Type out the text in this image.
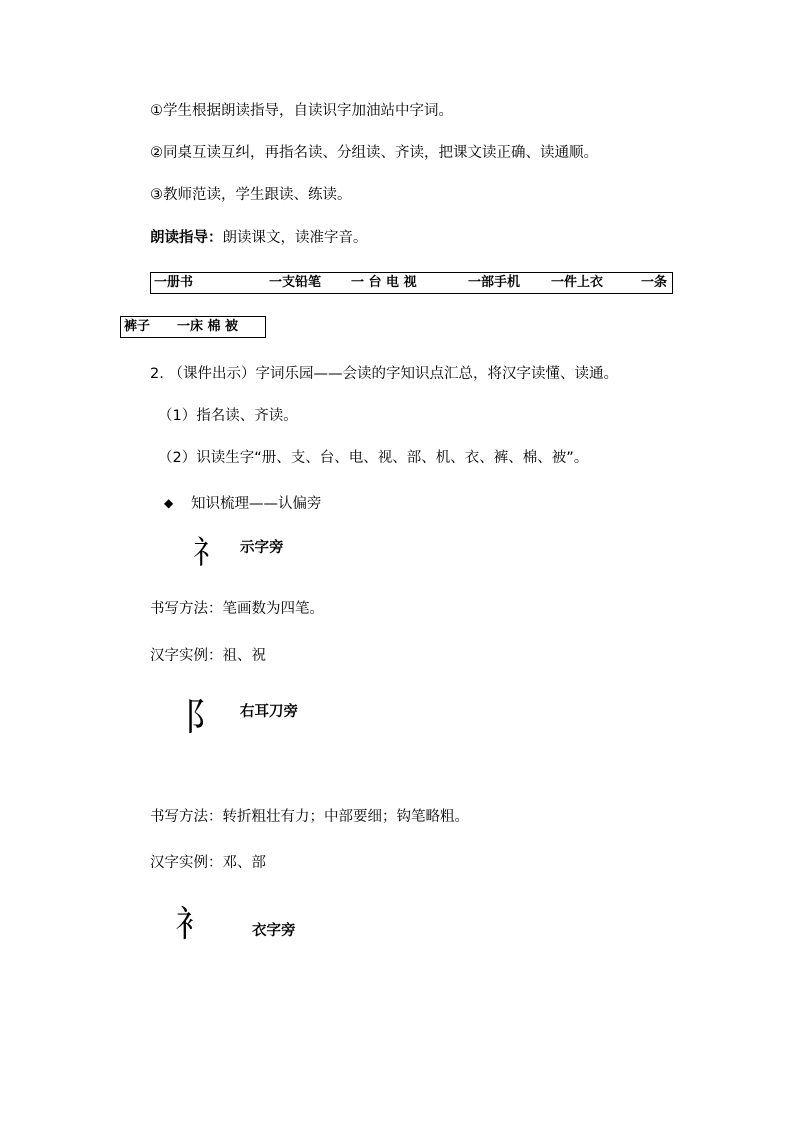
①学生根据朗读指导，自读识字加油站中字词。
②同桌互读互纠，再指名读、分组读、齐读，把课文读正确、读通顺。
③教师范读，学生跟读、练读。
朗读指导：朗读课文，读准字音。
一册书	一支铅笔 一 台 电 视	一部手机 一件上衣	一条
裤子 一床 棉 被
2. （课件出示）字词乐园——会读的字知识点汇总，将汉字读懂、读通。
（1）指名读、齐读。
（2）识读生字“册、支、台、电、视、部、机、衣、裤、棉、被”。
◆ 知识梳理——认偏旁
礻 示字旁
书写方法：笔画数为四笔。
汉字实例：祖、祝
阝 右耳刀旁
书写方法：转折粗壮有力；中部要细；钩笔略粗。
汉字实例：邓、部
衤	衣字旁
